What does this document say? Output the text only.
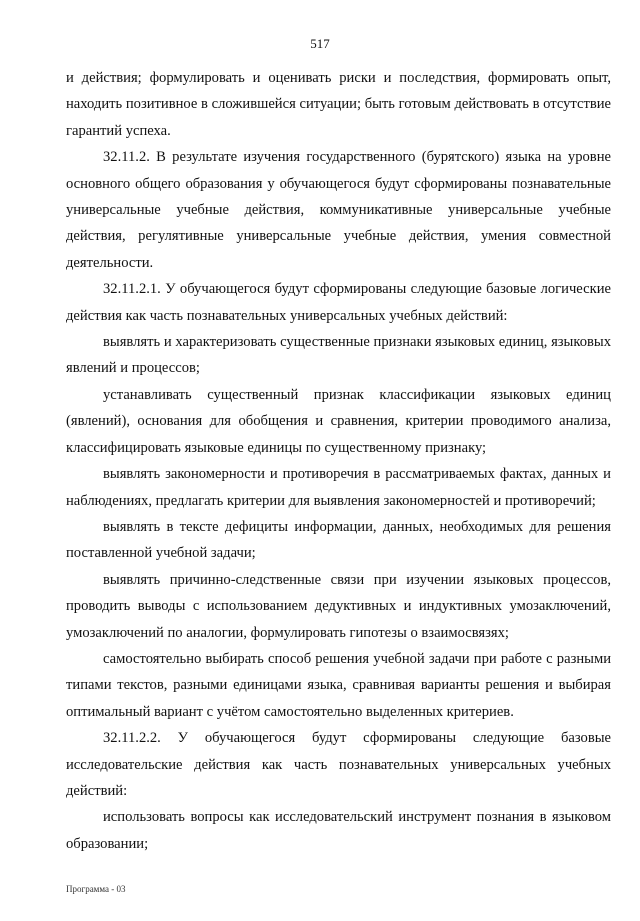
517

и действия; формулировать и оценивать риски и последствия, формировать опыт, находить позитивное в сложившейся ситуации; быть готовым действовать в отсутствие гарантий успеха.

32.11.2. В результате изучения государственного (бурятского) языка на уровне основного общего образования у обучающегося будут сформированы познавательные универсальные учебные действия, коммуникативные универсальные учебные действия, регулятивные универсальные учебные действия, умения совместной деятельности.

32.11.2.1. У обучающегося будут сформированы следующие базовые логические действия как часть познавательных универсальных учебных действий:

выявлять и характеризовать существенные признаки языковых единиц, языковых явлений и процессов;

устанавливать существенный признак классификации языковых единиц (явлений), основания для обобщения и сравнения, критерии проводимого анализа, классифицировать языковые единицы по существенному признаку;

выявлять закономерности и противоречия в рассматриваемых фактах, данных и наблюдениях, предлагать критерии для выявления закономерностей и противоречий;

выявлять в тексте дефициты информации, данных, необходимых для решения поставленной учебной задачи;

выявлять причинно-следственные связи при изучении языковых процессов, проводить выводы с использованием дедуктивных и индуктивных умозаключений, умозаключений по аналогии, формулировать гипотезы о взаимосвязях;

самостоятельно выбирать способ решения учебной задачи при работе с разными типами текстов, разными единицами языка, сравнивая варианты решения и выбирая оптимальный вариант с учётом самостоятельно выделенных критериев.

32.11.2.2. У обучающегося будут сформированы следующие базовые исследовательские действия как часть познавательных универсальных учебных действий:

использовать вопросы как исследовательский инструмент познания в языковом образовании;

Программа - 03
